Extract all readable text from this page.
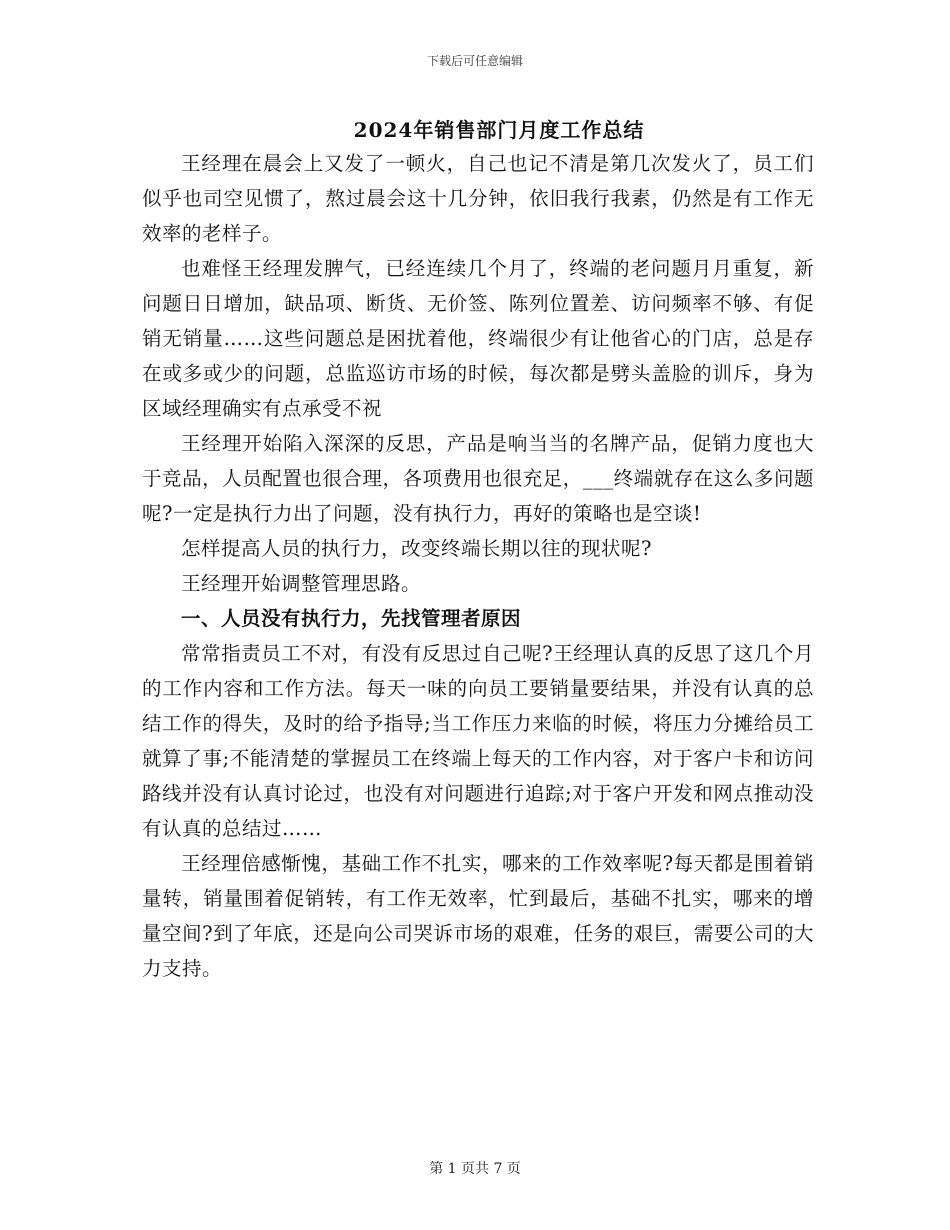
下载后可任意编辑
2024年销售部门月度工作总结

王经理在晨会上又发了一顿火，自己也记不清是第几次发火了，员工们似乎也司空见惯了，熬过晨会这十几分钟，依旧我行我素，仍然是有工作无效率的老样子。

也难怪王经理发脾气，已经连续几个月了，终端的老问题月月重复，新问题日日增加，缺品项、断货、无价签、陈列位置差、访问频率不够、有促销无销量……这些问题总是困扰着他，终端很少有让他省心的门店，总是存在或多或少的问题，总监巡访市场的时候，每次都是劈头盖脸的训斥，身为区域经理确实有点承受不祝

王经理开始陷入深深的反思，产品是响当当的名牌产品，促销力度也大于竞品，人员配置也很合理，各项费用也很充足，___终端就存在这么多问题呢?一定是执行力出了问题，没有执行力，再好的策略也是空谈!

怎样提高人员的执行力，改变终端长期以往的现状呢?

王经理开始调整管理思路。

一、人员没有执行力，先找管理者原因

常常指责员工不对，有没有反思过自己呢?王经理认真的反思了这几个月的工作内容和工作方法。每天一味的向员工要销量要结果，并没有认真的总结工作的得失，及时的给予指导;当工作压力来临的时候，将压力分摊给员工就算了事;不能清楚的掌握员工在终端上每天的工作内容，对于客户卡和访问路线并没有认真讨论过，也没有对问题进行追踪;对于客户开发和网点推动没有认真的总结过……

王经理倍感惭愧，基础工作不扎实，哪来的工作效率呢?每天都是围着销量转，销量围着促销转，有工作无效率，忙到最后，基础不扎实，哪来的增量空间?到了年底，还是向公司哭诉市场的艰难，任务的艰巨，需要公司的大力支持。

第 1 页共 7 页
